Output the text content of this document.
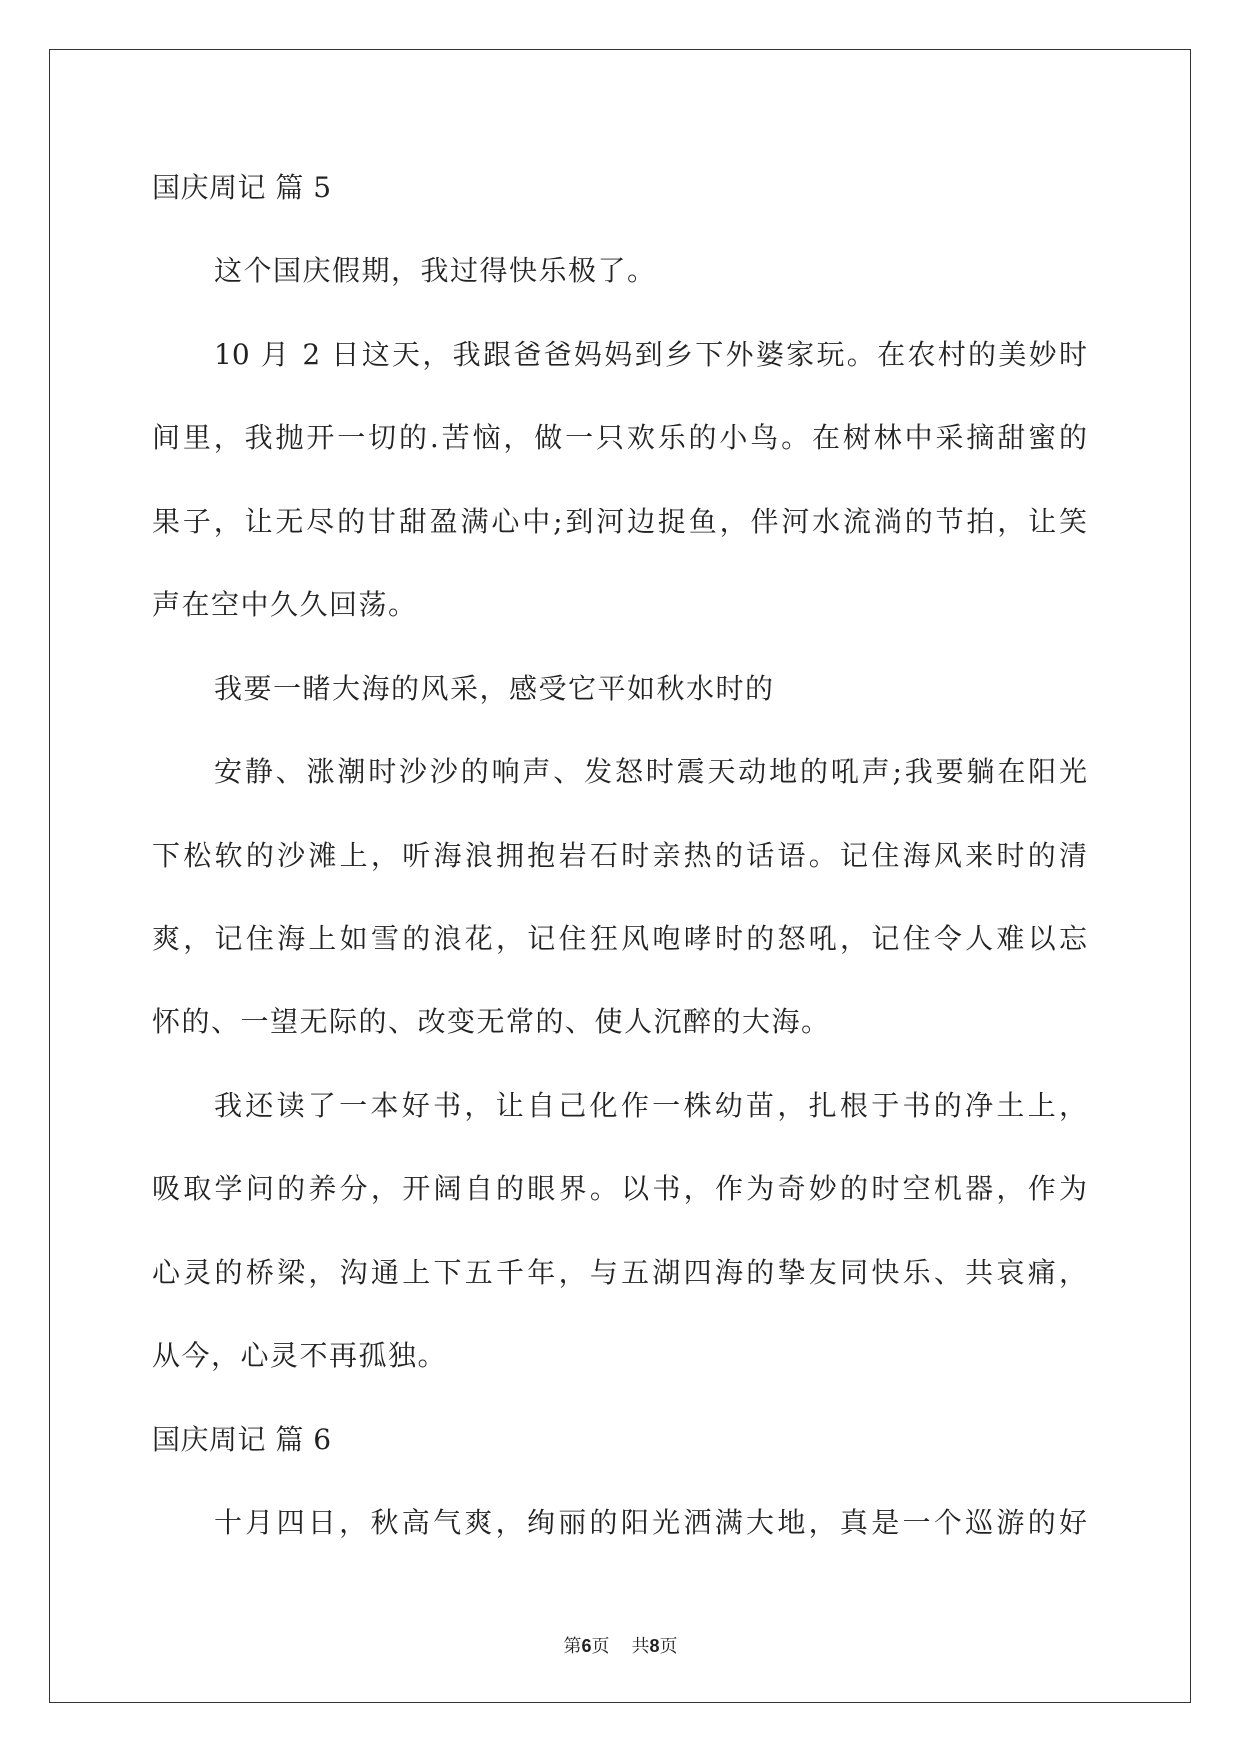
国庆周记 篇 5
这个国庆假期，我过得快乐极了。
10 月 2 日这天，我跟爸爸妈妈到乡下外婆家玩。在农村的美妙时
间里，我抛开一切的.苦恼，做一只欢乐的小鸟。在树林中采摘甜蜜的
果子，让无尽的甘甜盈满心中;到河边捉鱼，伴河水流淌的节拍，让笑
声在空中久久回荡。
我要一睹大海的风采，感受它平如秋水时的
安静、涨潮时沙沙的响声、发怒时震天动地的吼声;我要躺在阳光
下松软的沙滩上，听海浪拥抱岩石时亲热的话语。记住海风来时的清
爽，记住海上如雪的浪花，记住狂风咆哮时的怒吼，记住令人难以忘
怀的、一望无际的、改变无常的、使人沉醉的大海。
我还读了一本好书，让自己化作一株幼苗，扎根于书的净土上，
吸取学问的养分，开阔自的眼界。以书，作为奇妙的时空机器，作为
心灵的桥梁，沟通上下五千年，与五湖四海的挚友同快乐、共哀痛，
从今，心灵不再孤独。
国庆周记 篇 6
十月四日，秋高气爽，绚丽的阳光洒满大地，真是一个巡游的好
第6页 共8页
